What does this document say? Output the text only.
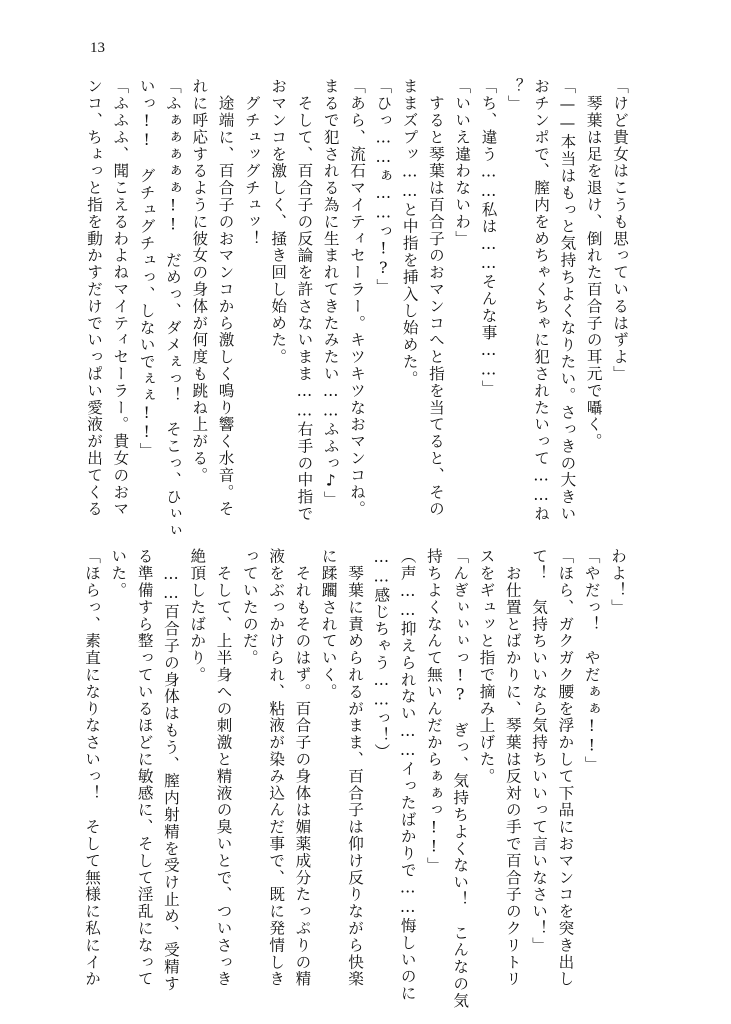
13
「けど貴女はこうも思っているはずよ」
　琴葉は足を退け、倒れた百合子の耳元で囁く。
「——本当はもっと気持ちよくなりたい。さっきの大きい
おチンポで、膣内をめちゃくちゃに犯されたいって……ね
？」
「ち、違う……私は……そんな事……」
「いいえ違わないわ」
　すると琴葉は百合子のおマンコへと指を当てると、その
ままズプッ……と中指を挿入し始めた。
「ひっ……ぁ……っ!?」
「あら、流石マイティセーラー。キツキツなおマンコね。
まるで犯される為に生まれてきたみたい……ふふっ♪」
　そして、百合子の反論を許さないまま……右手の中指で
おマンコを激しく、掻き回し始めた。
　グチュッグチュッ！
　途端に、百合子のおマンコから激しく鳴り響く水音。そ
れに呼応するように彼女の身体が何度も跳ね上がる。
「ふぁぁぁぁぁ!!　だめっ、ダメぇっ！　そこっ、ひぃぃ
いっ!!　グチュグチュっ、しないでぇぇ!!」
「ふふふ、聞こえるわよねマイティセーラー。貴女のおマ
ンコ、ちょっと指を動かすだけでいっぱい愛液が出てくる
わよ！」
「やだっ！　やだぁぁ!!」
「ほら、ガクガク腰を浮かして下品におマンコを突き出し
て！　気持ちいいなら気持ちいいって言いなさい！」
　お仕置とばかりに、琴葉は反対の手で百合子のクリトリ
スをギュッと指で摘み上げた。
「んぎぃぃぃっ!?　ぎっ、気持ちよくない！　こんなの気
持ちよくなんて無いんだからぁぁっ!!」
（声……抑えられない……イったばかりで……悔しいのに
……感じちゃう……っ！）
　琴葉に責められるがまま、百合子は仰け反りながら快楽
に蹂躙されていく。
　それもそのはず。百合子の身体は媚薬成分たっぷりの精
液をぶっかけられ、粘液が染み込んだ事で、既に発情しき
っていたのだ。
　そして、上半身への刺激と精液の臭いとで、ついさっき
絶頂したばかり。
　……百合子の身体はもう、膣内射精を受け止め、受精す
る準備すら整っているほどに敏感に、そして淫乱になって
いた。
「ほらっ、素直になりなさいっ！　そして無様に私にイか
